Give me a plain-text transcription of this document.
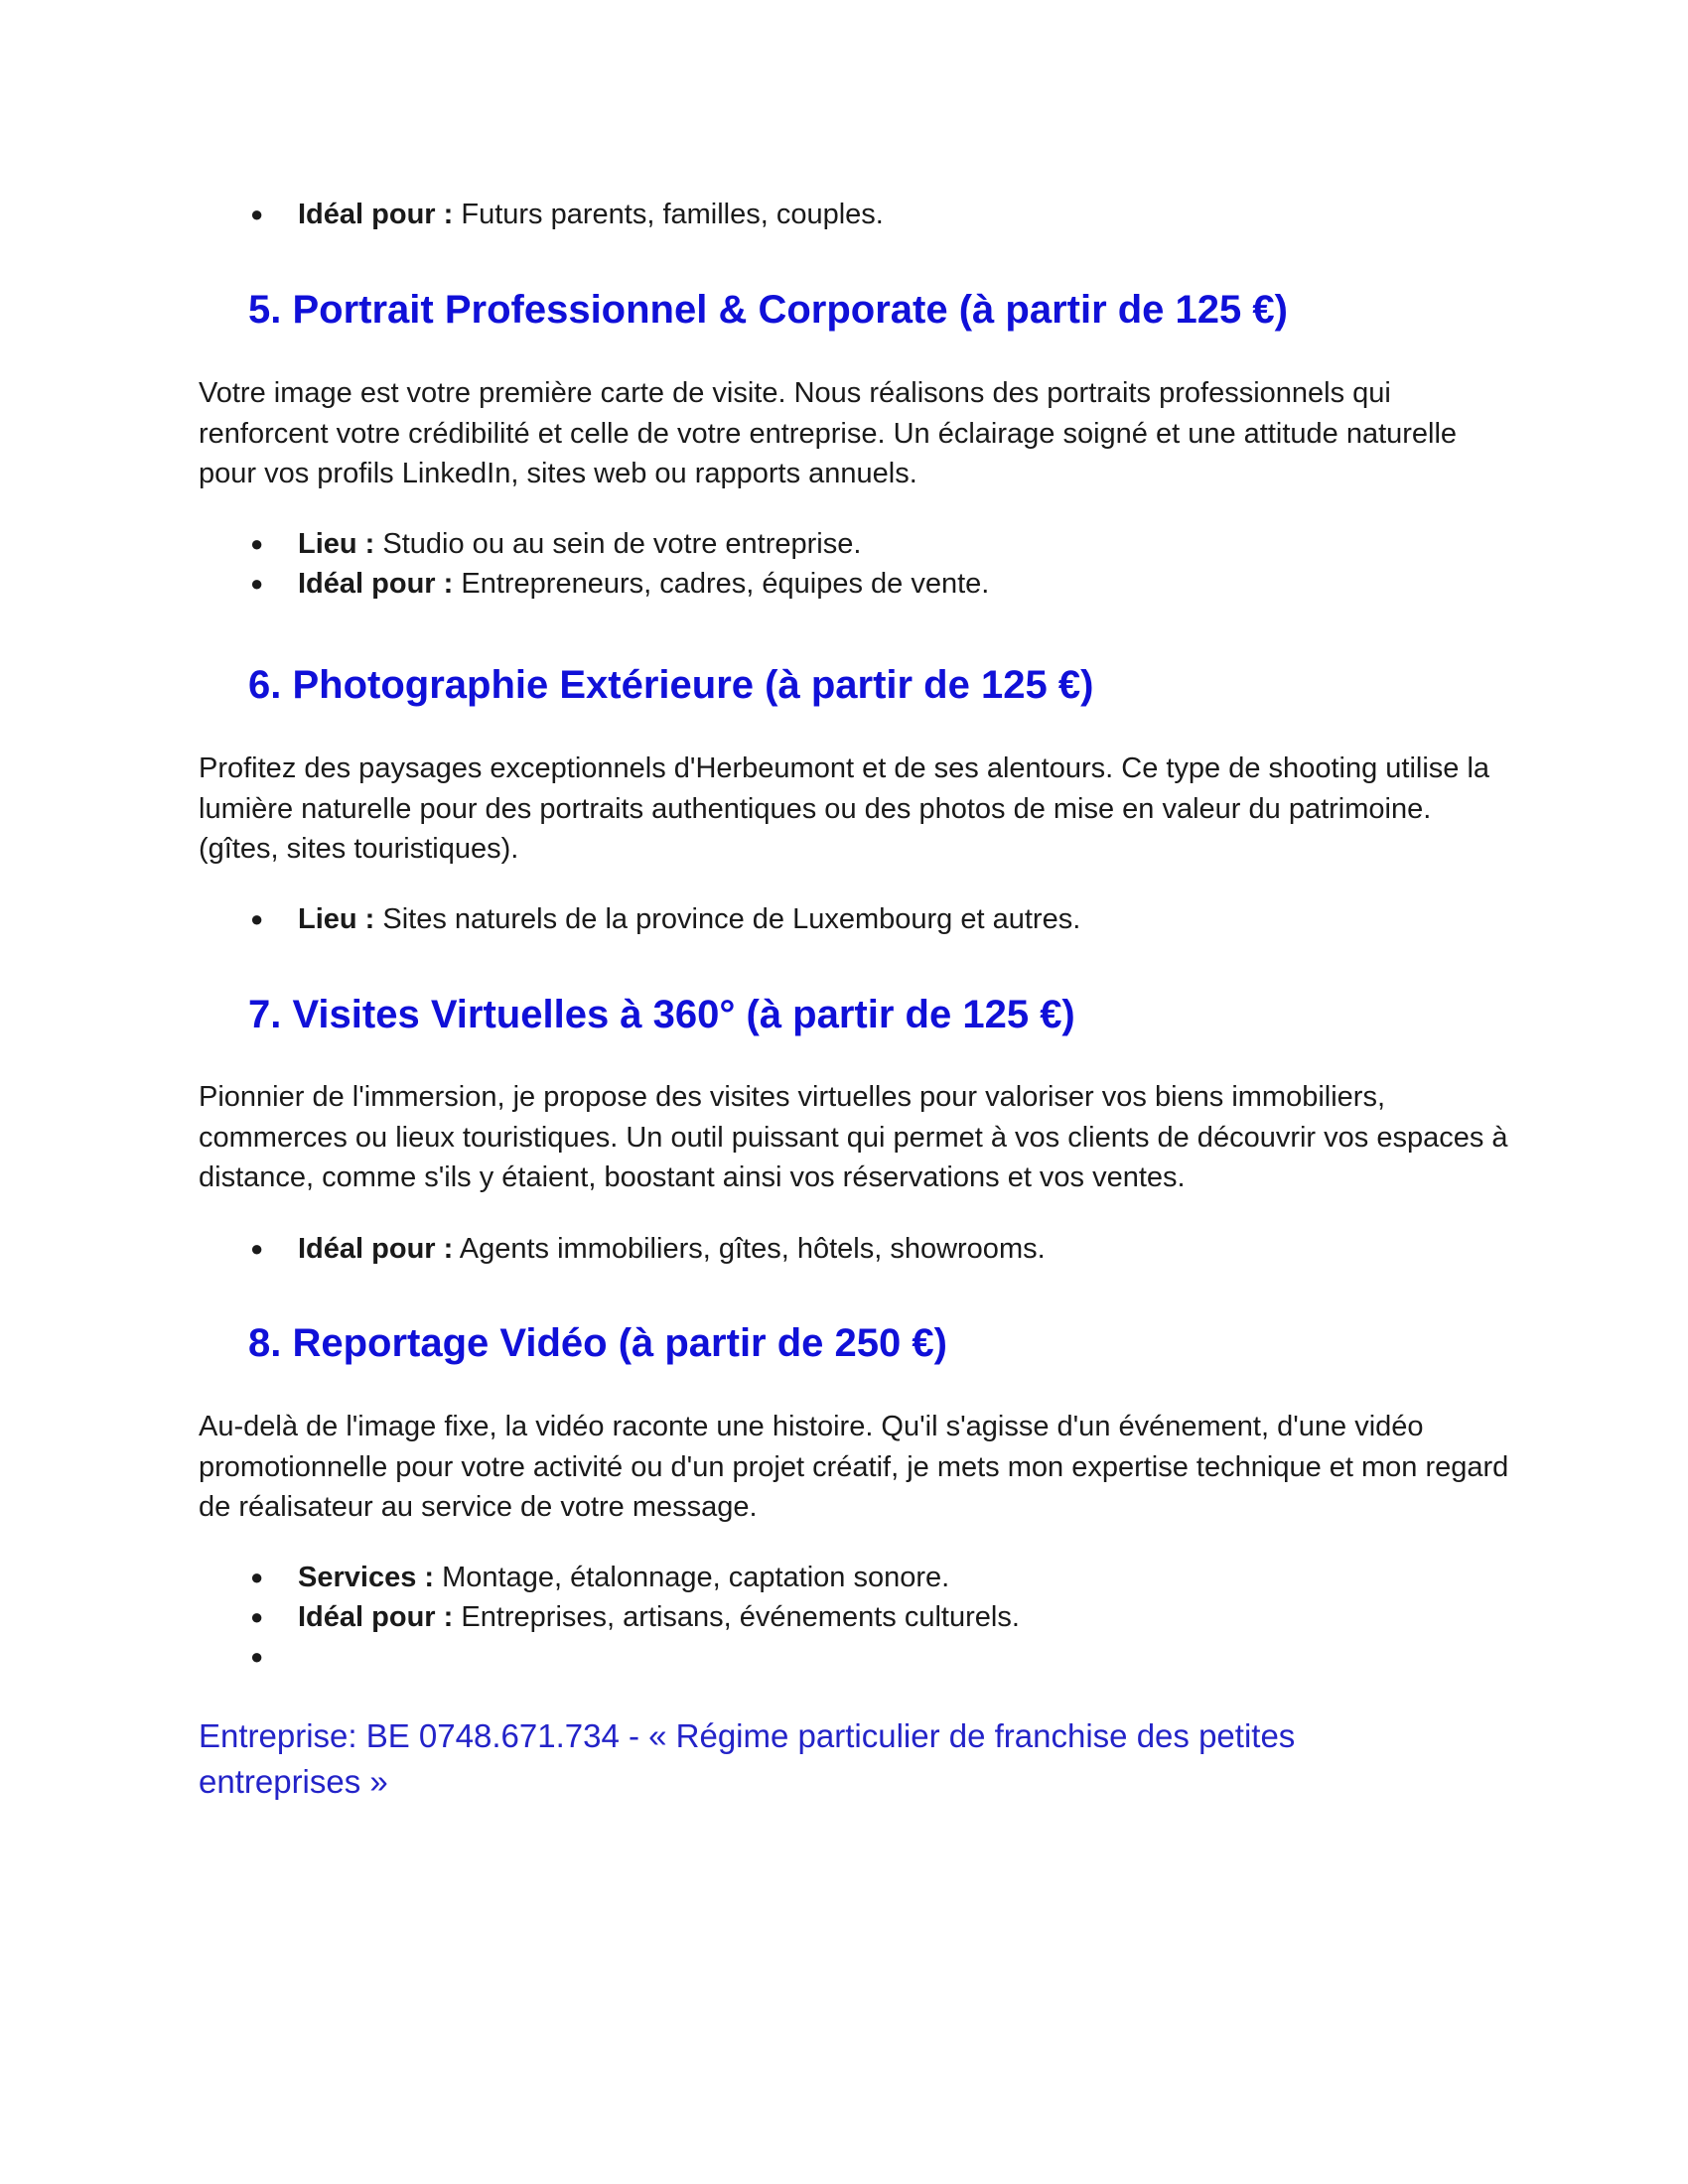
● Idéal pour : Futurs parents, familles, couples.
5. Portrait Professionnel & Corporate (à partir de 125 €)

Votre image est votre première carte de visite. Nous réalisons des portraits professionnels qui renforcent votre crédibilité et celle de votre entreprise. Un éclairage soigné et une attitude naturelle pour vos profils LinkedIn, sites web ou rapports annuels.

● Lieu : Studio ou au sein de votre entreprise.
● Idéal pour : Entrepreneurs, cadres, équipes de vente.
6. Photographie Extérieure (à partir de 125 €)

Profitez des paysages exceptionnels d'Herbeumont et de ses alentours. Ce type de shooting utilise la lumière naturelle pour des portraits authentiques ou des photos de mise en valeur du patrimoine. (gîtes, sites touristiques).

● Lieu : Sites naturels de la province de Luxembourg et autres.
7. Visites Virtuelles à 360° (à partir de 125 €)

Pionnier de l'immersion, je propose des visites virtuelles pour valoriser vos biens immobiliers, commerces ou lieux touristiques. Un outil puissant qui permet à vos clients de découvrir vos espaces à distance, comme s'ils y étaient, boostant ainsi vos réservations et vos ventes.

● Idéal pour : Agents immobiliers, gîtes, hôtels, showrooms.
8. Reportage Vidéo (à partir de 250 €)

Au-delà de l'image fixe, la vidéo raconte une histoire. Qu'il s'agisse d'un événement, d'une vidéo promotionnelle pour votre activité ou d'un projet créatif, je mets mon expertise technique et mon regard de réalisateur au service de votre message.

● Services : Montage, étalonnage, captation sonore.
● Idéal pour : Entreprises, artisans, événements culturels.
●
Entreprise: BE 0748.671.734 - « Régime particulier de franchise des petites
entreprises »
